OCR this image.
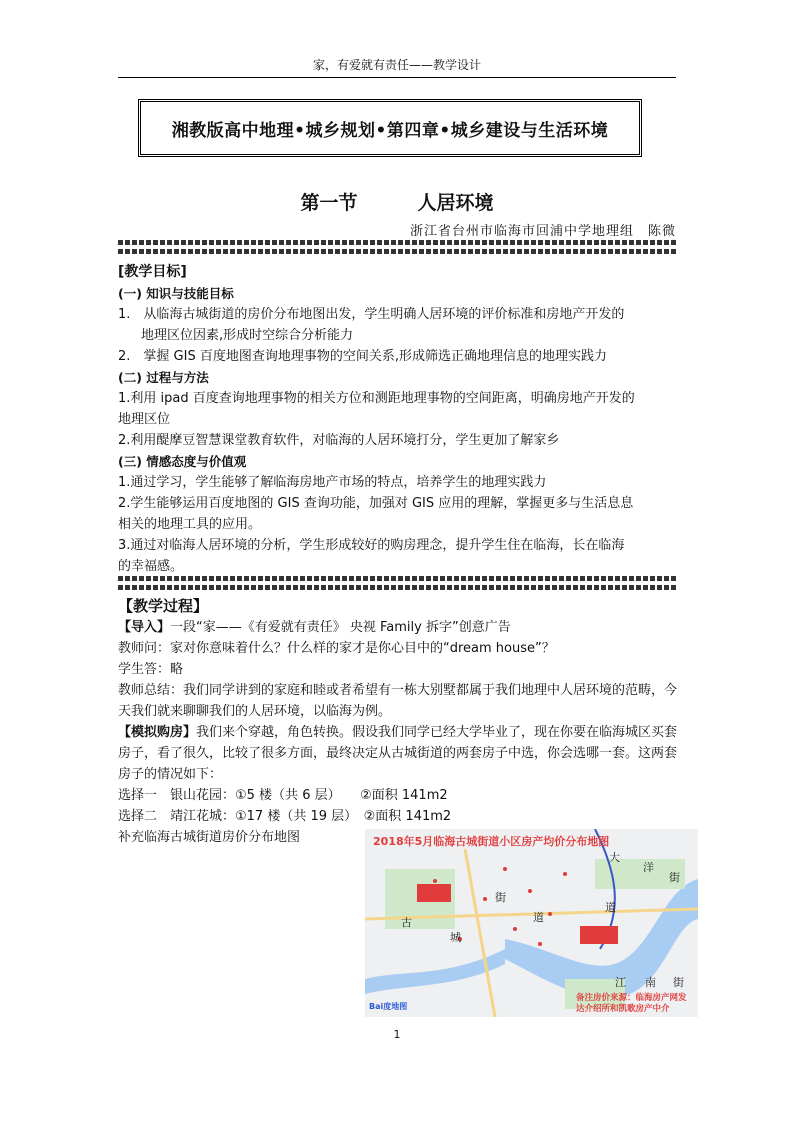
家，有爱就有责任——教学设计
湘教版高中地理•城乡规划•第四章•城乡建设与生活环境
第一节	人居环境
浙江省台州市临海市回浦中学地理组　陈微
[教学目标]
(一) 知识与技能目标
1.　从临海古城街道的房价分布地图出发，学生明确人居环境的评价标准和房地产开发的
地理区位因素,形成时空综合分析能力
2.　掌握 GIS 百度地图查询地理事物的空间关系,形成筛选正确地理信息的地理实践力
(二) 过程与方法
1.利用 ipad 百度查询地理事物的相关方位和测距地理事物的空间距离，明确房地产开发的
地理区位
2.利用醍摩豆智慧课堂教育软件，对临海的人居环境打分，学生更加了解家乡
(三) 情感态度与价值观
1.通过学习，学生能够了解临海房地产市场的特点，培养学生的地理实践力
2.学生能够运用百度地图的 GIS 查询功能，加强对 GIS 应用的理解，掌握更多与生活息息
相关的地理工具的应用。
3.通过对临海人居环境的分析，学生形成较好的购房理念，提升学生住在临海，长在临海
的幸福感。
【教学过程】
【导入】一段“家——《有爱就有责任》 央视 Family 拆字”创意广告
教师问：家对你意味着什么？什么样的家才是你心目中的“dream house”？
学生答：略
教师总结：我们同学讲到的家庭和睦或者希望有一栋大别墅都属于我们地理中人居环境的范畴，今天我们就来聊聊我们的人居环境，以临海为例。
【模拟购房】我们来个穿越，角色转换。假设我们同学已经大学毕业了，现在你要在临海城区买套房子，看了很久，比较了很多方面，最终决定从古城街道的两套房子中选，你会选哪一套。这两套房子的情况如下：
选择一　银山花园：①5 楼（共 6 层）　　②面积 141m2
选择二　靖江花城：①17 楼（共 19 层）　②面积 141m2
补充临海古城街道房价分布地图	2018年5月临海古城街道小区房产均价分布地图
大
洋
街
道
古
城
街
道
江 南 街
Bai度地图
备注房价来源：临海房产网发达介绍所和凯歌房产中介
1
